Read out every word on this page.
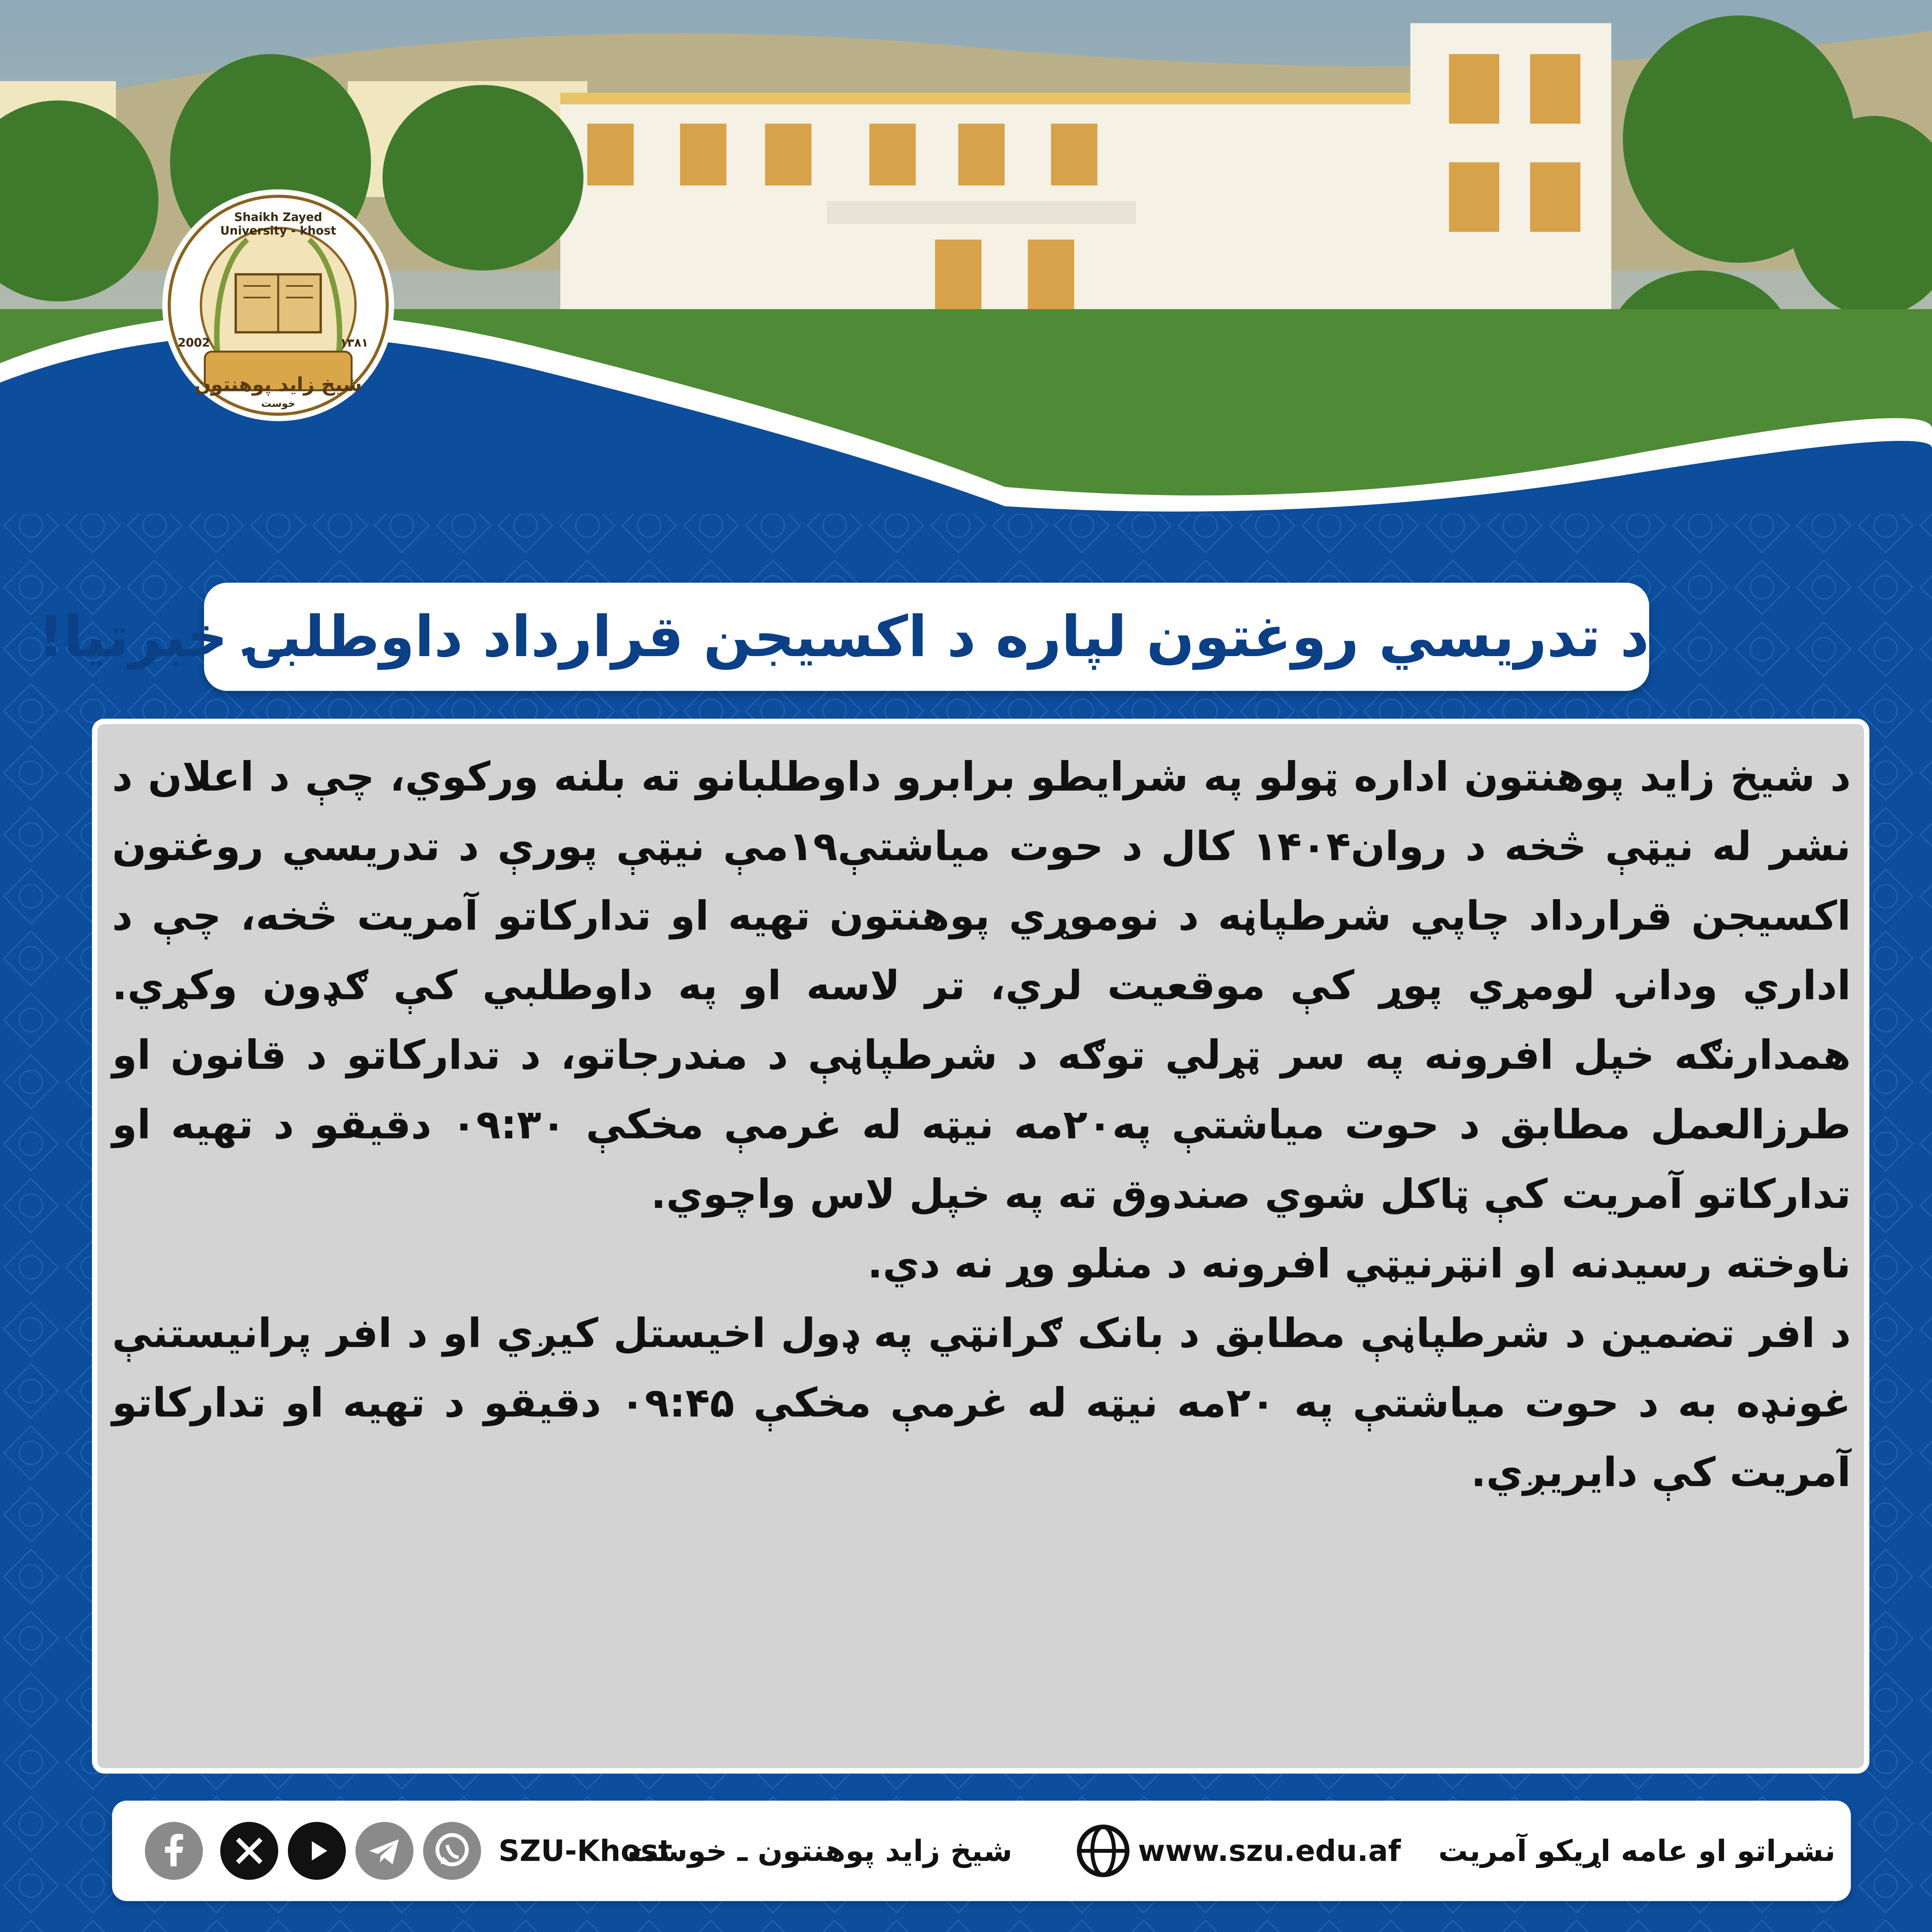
شیخ زاید پوهنتون
خوست
Shaikh Zayed University - khost
2002	۱۳۸۱
د تدریسي روغتون لپاره د اکسیجن قرارداد داوطلبۍ خبرتیا!

د شیخ زاید پوهنتون اداره ټولو په شرایطو برابرو داوطلبانو ته بلنه ورکوي، چې د اعلان د نشر له نیټې څخه د روان۱۴۰۴ کال د حوت میاشتې۱۹مې نیټې پورې د تدریسي روغتون اکسیجن قرارداد چاپي شرطپاڼه د نوموړي پوهنتون تهیه او تدارکاتو آمریت څخه، چې د اداري ودانۍ لومړي پوړ کې موقعیت لري، تر لاسه او په داوطلبي کې ګډون وکړي. همدارنګه خپل افرونه په سر ټړلي توګه د شرطپاڼې د مندرجاتو، د تدارکاتو د قانون او طرزالعمل مطابق د حوت میاشتې په۲۰مه نیټه له غرمې مخکې ۰۹:۳۰ دقیقو د تهیه او تدارکاتو آمریت کې ټاکل شوي صندوق ته په خپل لاس واچوي.

ناوخته رسیدنه او انټرنیټي افرونه د منلو وړ نه دي.

د افر تضمین د شرطپاڼې مطابق د بانک ګرانټي په ډول اخیستل کیږي او د افر پرانیستنې غونډه به د حوت میاشتې په ۲۰مه نیټه له غرمې مخکې ۰۹:۴۵ دقیقو د تهیه او تدارکاتو آمریت کې دایریږي.

نشراتو او عامه اړیکو آمریت
www.szu.edu.af
شیخ زاید پوهنتون ـ خوست
SZU-Khost
